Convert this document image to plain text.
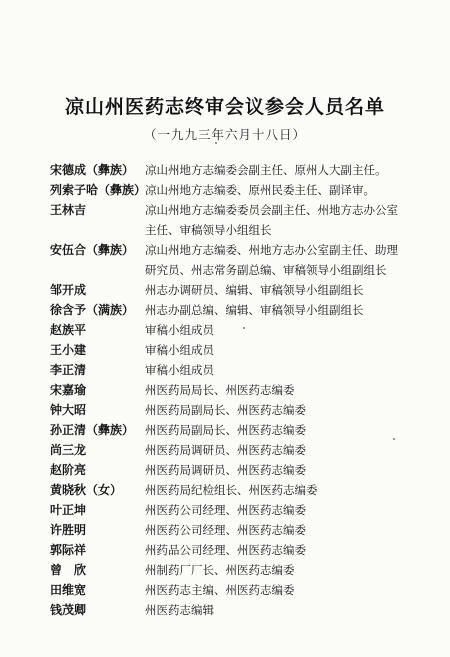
凉山州医药志终审会议参会人员名单
（一九九三年六月十八日）
宋德成（彝族） 凉山州地方志编委会副主任、原州人大副主任。
列索子哈（彝族）
凉山州地方志编委、原州民委主任、副译审。
王林吉	凉山州地方志编委委员会副主任、州地方志办公室
主任、审稿领导小组组长
安伍合（彝族） 凉山州地方志编委、州地方志办公室副主任、助理
研究员、州志常务副总编、审稿领导小组副组长
邹开成	州志办调研员、编辑、审稿领导小组副组长
徐含予（满族） 州志办副总编、编辑、审稿领导小组副组长
赵族平	审稿小组成员
王小建	审稿小组成员
李正清	审稿小组成员
宋嘉瑜	州医药局局长、州医药志编委
钟大昭	州医药局副局长、州医药志编委
孙正清（彝族） 州医药局副局长、州医药志编委
尚三龙	州医药局调研员、州医药志编委
赵阶亮	州医药局调研员、州医药志编委
黄晓秋（女）	州医药局纪检组长、州医药志编委
叶正坤	州医药公司经理、州医药志编委
许胜明	州医药公司经理、州医药志编委
郭际祥	州药品公司经理、州医药志编委
曾　欣	州制药厂厂长、州医药志编委
田维宽	州医药志主编、州医药志编委
钱茂卿	州医药志编辑
